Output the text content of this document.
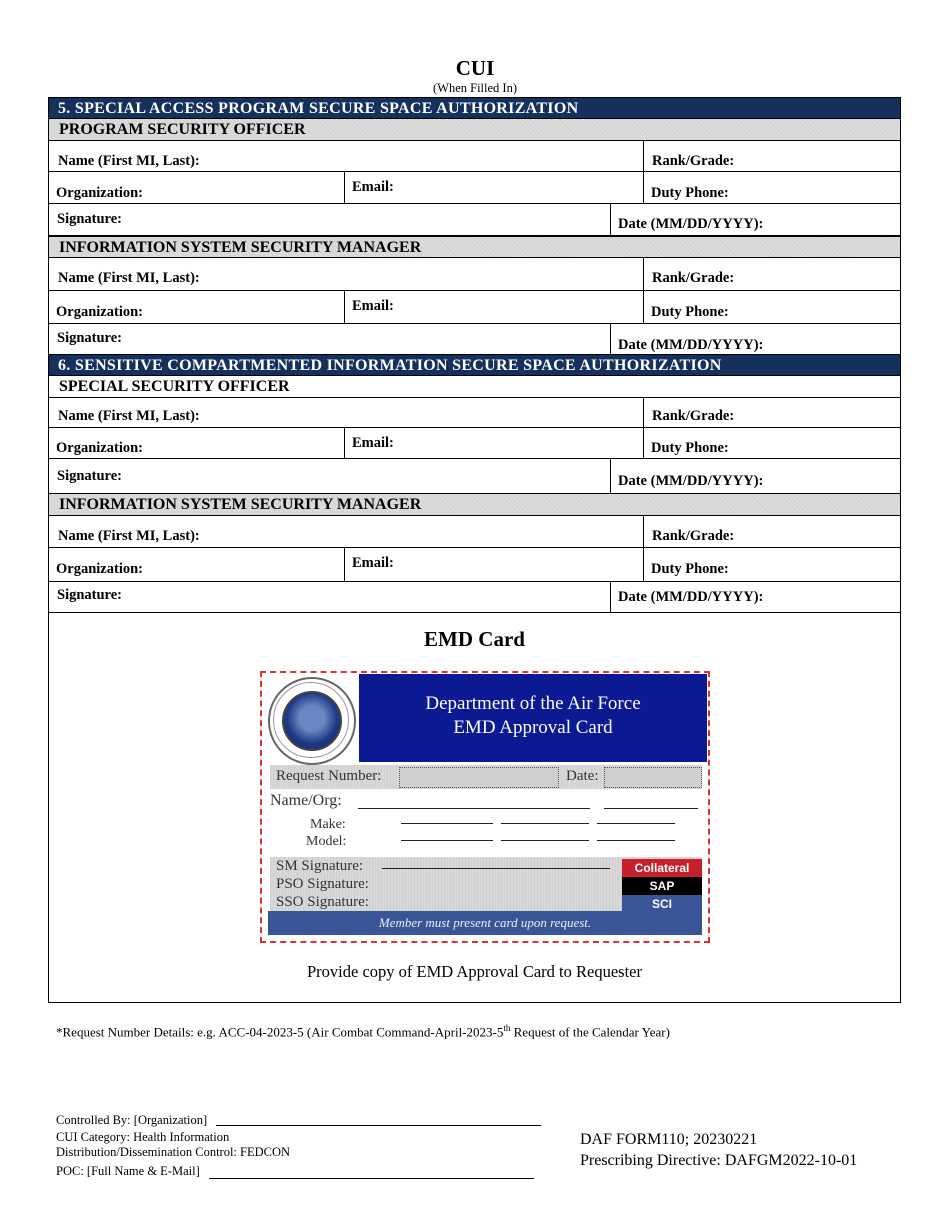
CUI
(When Filled In)
5. SPECIAL ACCESS PROGRAM SECURE SPACE AUTHORIZATION
PROGRAM SECURITY OFFICER
Name (First MI, Last):	Rank/Grade:
Organization:	Email:	Duty Phone:
Signature:	Date (MM/DD/YYYY):
INFORMATION SYSTEM SECURITY MANAGER
Name (First MI, Last):	Rank/Grade:
Organization:	Email:	Duty Phone:
Signature:	Date (MM/DD/YYYY):
6. SENSITIVE COMPARTMENTED INFORMATION SECURE SPACE AUTHORIZATION
SPECIAL SECURITY OFFICER
Name (First MI, Last):	Rank/Grade:
Organization:	Email:	Duty Phone:
Signature:	Date (MM/DD/YYYY):
INFORMATION SYSTEM SECURITY MANAGER
Name (First MI, Last):	Rank/Grade:
Organization:	Email:	Duty Phone:
Signature:	Date (MM/DD/YYYY):
EMD Card
Department of the Air Force
EMD Approval Card
Request Number:	Date:
Name/Org:
Make:
Model:
SM Signature:
PSO Signature:
SSO Signature:
Collateral
SAP
SCI
Member must present card upon request.
Provide copy of EMD Approval Card to Requester
*Request Number Details: e.g. ACC-04-2023-5 (Air Combat Command-April-2023-5th Request of the Calendar Year)
Controlled By: [Organization]
CUI Category: Health Information
Distribution/Dissemination Control: FEDCON
POC: [Full Name & E-Mail]
DAF FORM110; 20230221
Prescribing Directive: DAFGM2022-10-01
